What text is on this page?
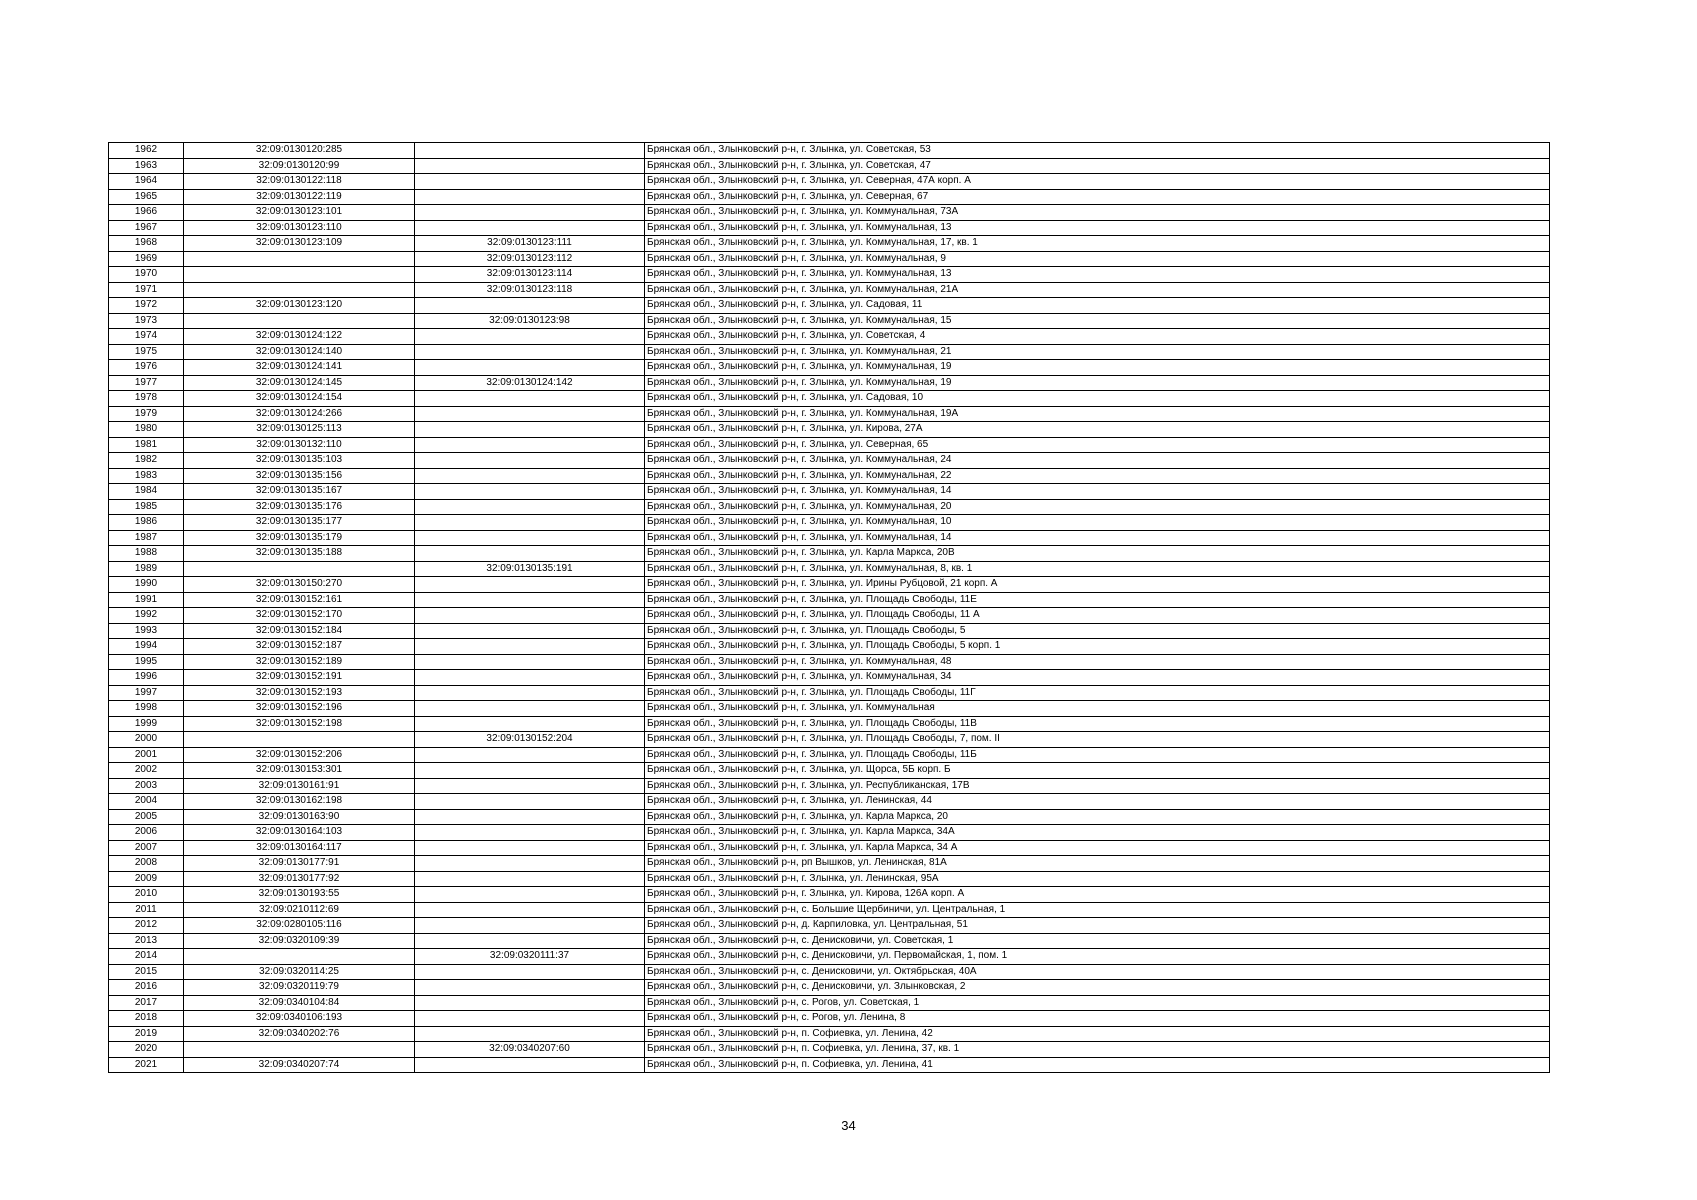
1962	32:09:0130120:285		Брянская обл., Злынковский р-н, г. Злынка, ул. Советская, 53
1963	32:09:0130120:99		Брянская обл., Злынковский р-н, г. Злынка, ул. Советская, 47
1964	32:09:0130122:118		Брянская обл., Злынковский р-н, г. Злынка, ул. Северная, 47А корп. А
1965	32:09:0130122:119		Брянская обл., Злынковский р-н, г. Злынка, ул. Северная, 67
1966	32:09:0130123:101		Брянская обл., Злынковский р-н, г. Злынка, ул. Коммунальная, 73А
1967	32:09:0130123:110		Брянская обл., Злынковский р-н, г. Злынка, ул. Коммунальная, 13
1968	32:09:0130123:109	32:09:0130123:111	Брянская обл., Злынковский р-н, г. Злынка, ул. Коммунальная, 17, кв. 1
1969		32:09:0130123:112	Брянская обл., Злынковский р-н, г. Злынка, ул. Коммунальная, 9
1970		32:09:0130123:114	Брянская обл., Злынковский р-н, г. Злынка, ул. Коммунальная, 13
1971		32:09:0130123:118	Брянская обл., Злынковский р-н, г. Злынка, ул. Коммунальная, 21А
1972	32:09:0130123:120		Брянская обл., Злынковский р-н, г. Злынка, ул. Садовая, 11
1973		32:09:0130123:98	Брянская обл., Злынковский р-н, г. Злынка, ул. Коммунальная, 15
1974	32:09:0130124:122		Брянская обл., Злынковский р-н, г. Злынка, ул. Советская, 4
1975	32:09:0130124:140		Брянская обл., Злынковский р-н, г. Злынка, ул. Коммунальная, 21
1976	32:09:0130124:141		Брянская обл., Злынковский р-н, г. Злынка, ул. Коммунальная, 19
1977	32:09:0130124:145	32:09:0130124:142	Брянская обл., Злынковский р-н, г. Злынка, ул. Коммунальная, 19
1978	32:09:0130124:154		Брянская обл., Злынковский р-н, г. Злынка, ул. Садовая, 10
1979	32:09:0130124:266		Брянская обл., Злынковский р-н, г. Злынка, ул. Коммунальная, 19А
1980	32:09:0130125:113		Брянская обл., Злынковский р-н, г. Злынка, ул. Кирова, 27А
1981	32:09:0130132:110		Брянская обл., Злынковский р-н, г. Злынка, ул. Северная, 65
1982	32:09:0130135:103		Брянская обл., Злынковский р-н, г. Злынка, ул. Коммунальная, 24
1983	32:09:0130135:156		Брянская обл., Злынковский р-н, г. Злынка, ул. Коммунальная, 22
1984	32:09:0130135:167		Брянская обл., Злынковский р-н, г. Злынка, ул. Коммунальная, 14
1985	32:09:0130135:176		Брянская обл., Злынковский р-н, г. Злынка, ул. Коммунальная, 20
1986	32:09:0130135:177		Брянская обл., Злынковский р-н, г. Злынка, ул. Коммунальная, 10
1987	32:09:0130135:179		Брянская обл., Злынковский р-н, г. Злынка, ул. Коммунальная, 14
1988	32:09:0130135:188		Брянская обл., Злынковский р-н, г. Злынка, ул. Карла Маркса, 20В
1989		32:09:0130135:191	Брянская обл., Злынковский р-н, г. Злынка, ул. Коммунальная, 8, кв. 1
1990	32:09:0130150:270		Брянская обл., Злынковский р-н, г. Злынка, ул. Ирины Рубцовой, 21 корп. А
1991	32:09:0130152:161		Брянская обл., Злынковский р-н, г. Злынка, ул. Площадь Свободы, 11Е
1992	32:09:0130152:170		Брянская обл., Злынковский р-н, г. Злынка, ул. Площадь Свободы, 11 А
1993	32:09:0130152:184		Брянская обл., Злынковский р-н, г. Злынка, ул. Площадь Свободы, 5
1994	32:09:0130152:187		Брянская обл., Злынковский р-н, г. Злынка, ул. Площадь Свободы, 5 корп. 1
1995	32:09:0130152:189		Брянская обл., Злынковский р-н, г. Злынка, ул. Коммунальная, 48
1996	32:09:0130152:191		Брянская обл., Злынковский р-н, г. Злынка, ул. Коммунальная, 34
1997	32:09:0130152:193		Брянская обл., Злынковский р-н, г. Злынка, ул. Площадь Свободы, 11Г
1998	32:09:0130152:196		Брянская обл., Злынковский р-н, г. Злынка, ул. Коммунальная
1999	32:09:0130152:198		Брянская обл., Злынковский р-н, г. Злынка, ул. Площадь Свободы, 11В
2000		32:09:0130152:204	Брянская обл., Злынковский р-н, г. Злынка, ул. Площадь Свободы, 7, пом. II
2001	32:09:0130152:206		Брянская обл., Злынковский р-н, г. Злынка, ул. Площадь Свободы, 11Б
2002	32:09:0130153:301		Брянская обл., Злынковский р-н, г. Злынка, ул. Щорса, 5Б корп. Б
2003	32:09:0130161:91		Брянская обл., Злынковский р-н, г. Злынка, ул. Республиканская, 17В
2004	32:09:0130162:198		Брянская обл., Злынковский р-н, г. Злынка, ул. Ленинская, 44
2005	32:09:0130163:90		Брянская обл., Злынковский р-н, г. Злынка, ул. Карла Маркса, 20
2006	32:09:0130164:103		Брянская обл., Злынковский р-н, г. Злынка, ул. Карла Маркса, 34А
2007	32:09:0130164:117		Брянская обл., Злынковский р-н, г. Злынка, ул. Карла Маркса, 34 А
2008	32:09:0130177:91		Брянская обл., Злынковский р-н, рп Вышков, ул. Ленинская, 81А
2009	32:09:0130177:92		Брянская обл., Злынковский р-н, г. Злынка, ул. Ленинская, 95А
2010	32:09:0130193:55		Брянская обл., Злынковский р-н, г. Злынка, ул. Кирова, 126А корп. А
2011	32:09:0210112:69		Брянская обл., Злынковский р-н, с. Большие Щербиничи, ул. Центральная, 1
2012	32:09:0280105:116		Брянская обл., Злынковский р-н, д. Карпиловка, ул. Центральная, 51
2013	32:09:0320109:39		Брянская обл., Злынковский р-н, с. Денисковичи, ул. Советская, 1
2014		32:09:0320111:37	Брянская обл., Злынковский р-н, с. Денисковичи, ул. Первомайская, 1, пом. 1
2015	32:09:0320114:25		Брянская обл., Злынковский р-н, с. Денисковичи, ул. Октябрьская, 40А
2016	32:09:0320119:79		Брянская обл., Злынковский р-н, с. Денисковичи, ул. Злынковская, 2
2017	32:09:0340104:84		Брянская обл., Злынковский р-н, с. Рогов, ул. Советская, 1
2018	32:09:0340106:193		Брянская обл., Злынковский р-н, с. Рогов, ул. Ленина, 8
2019	32:09:0340202:76		Брянская обл., Злынковский р-н, п. Софиевка, ул. Ленина, 42
2020		32:09:0340207:60	Брянская обл., Злынковский р-н, п. Софиевка, ул. Ленина, 37, кв. 1
2021	32:09:0340207:74		Брянская обл., Злынковский р-н, п. Софиевка, ул. Ленина, 41
34
